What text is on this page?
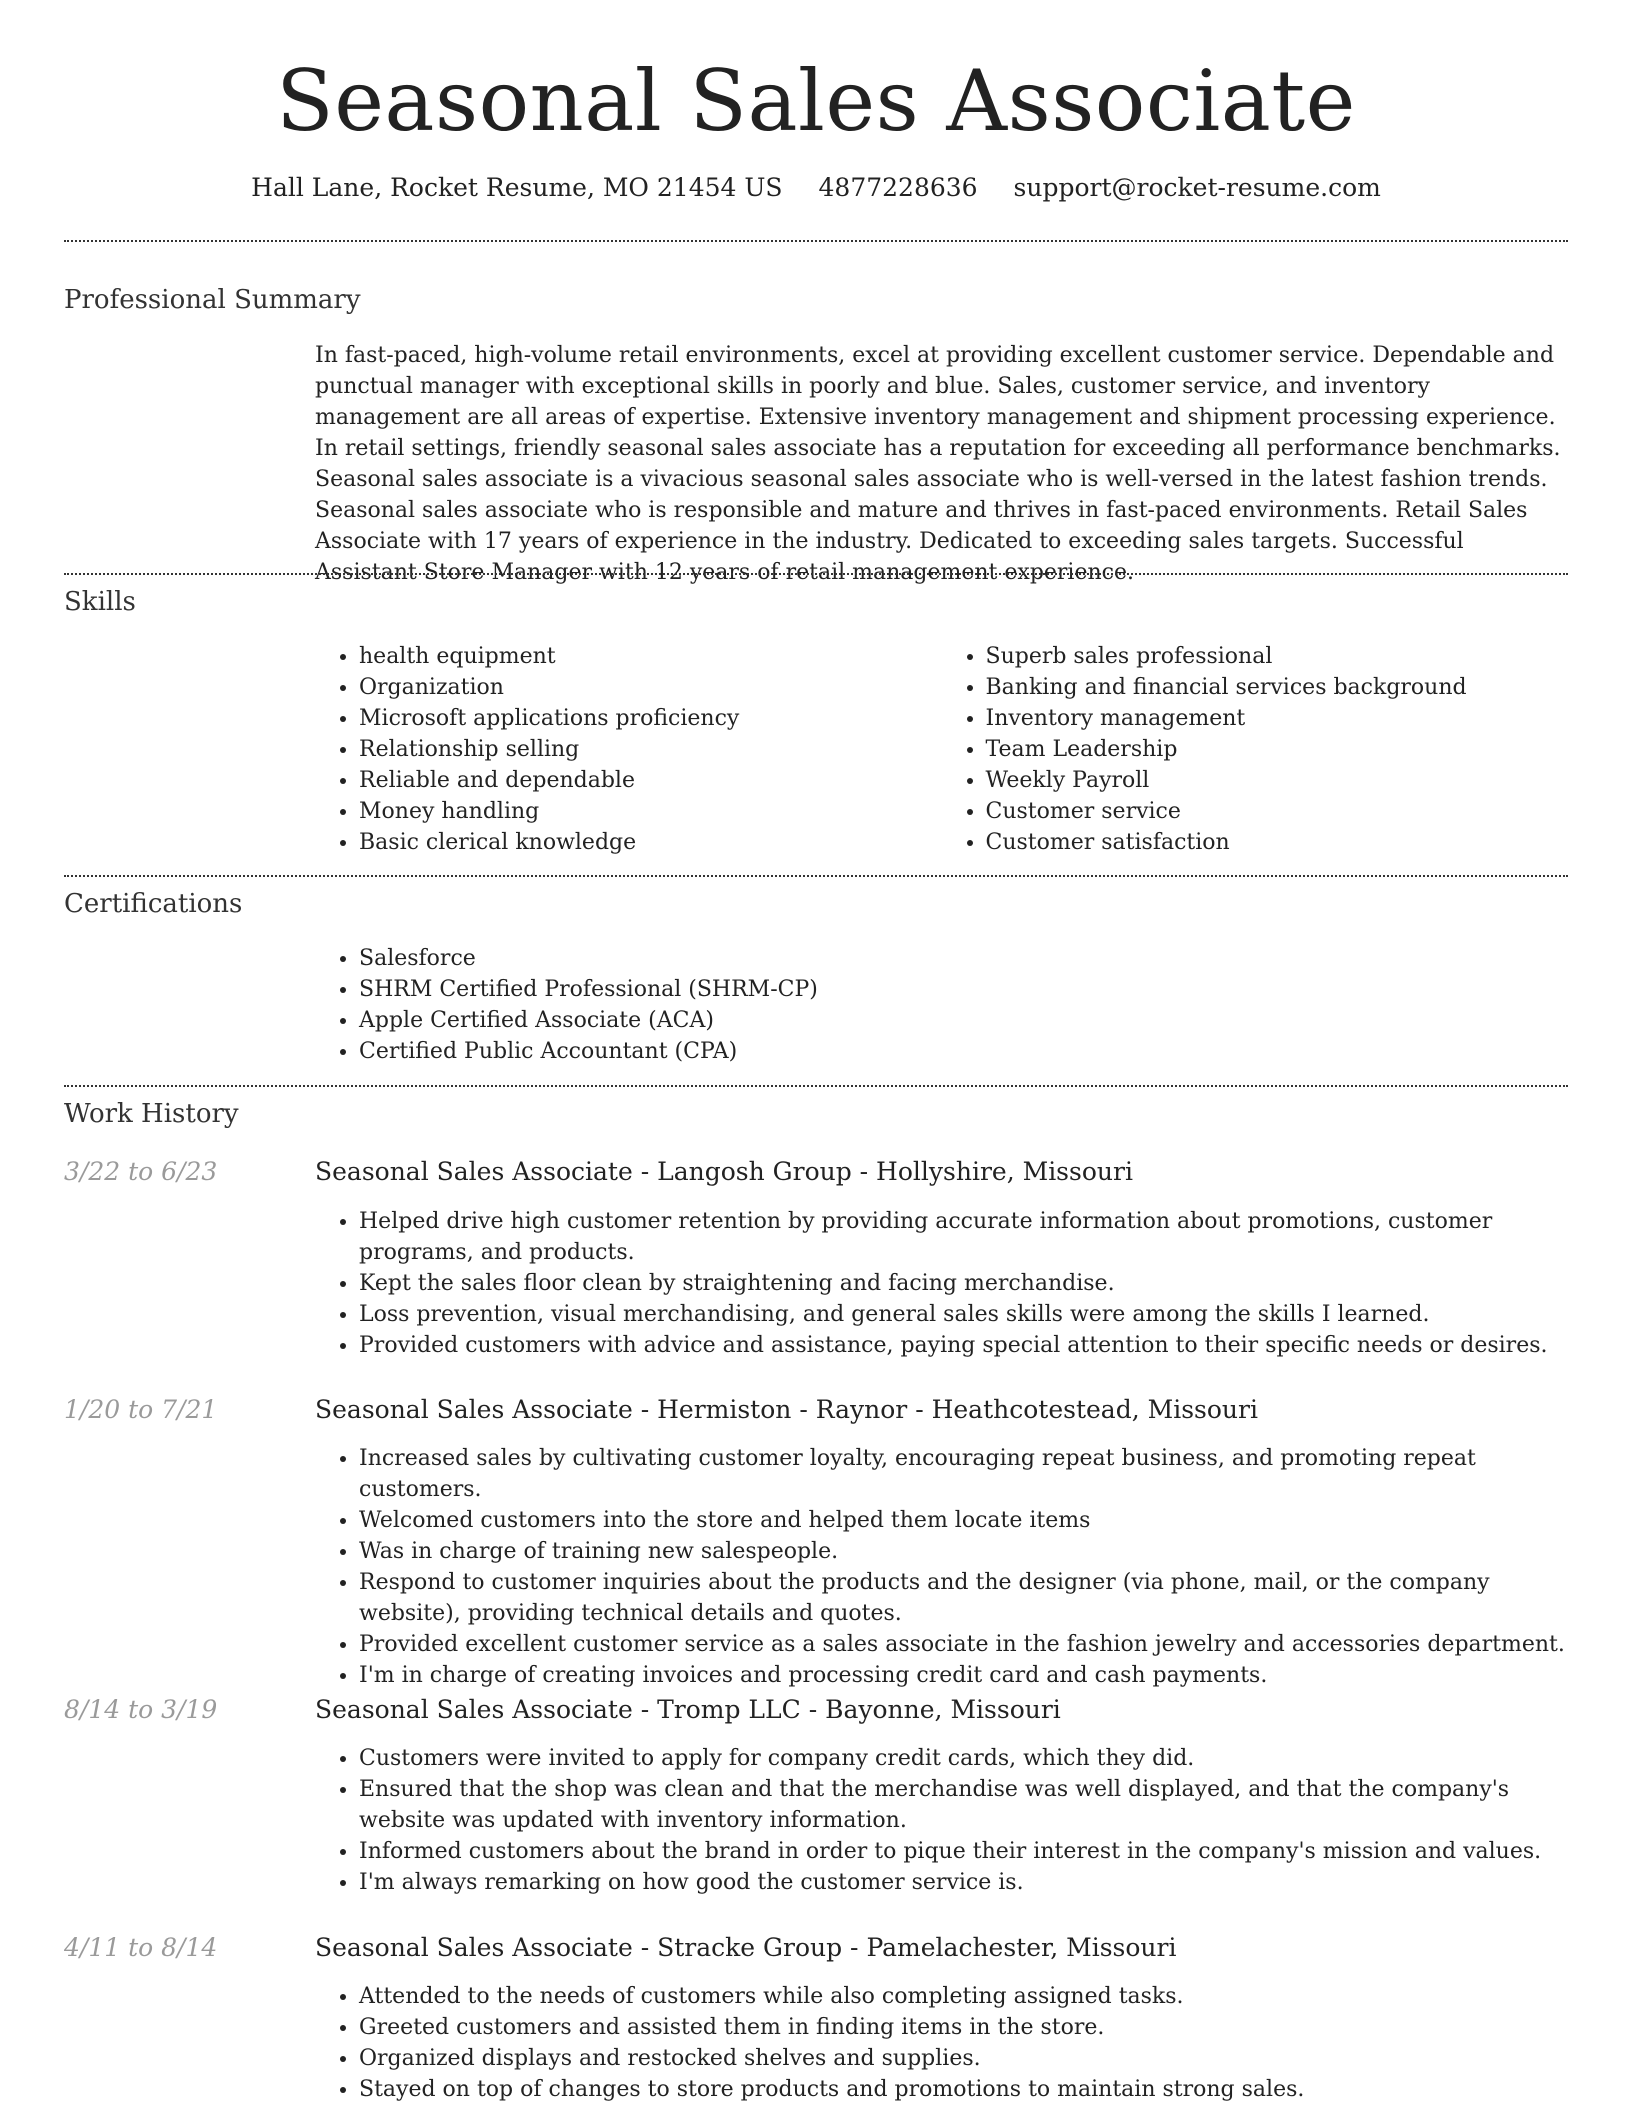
Seasonal Sales Associate
Hall Lane, Rocket Resume, MO 21454 US 4877228636 support@rocket-resume.com
Professional Summary

In fast-paced, high-volume retail environments, excel at providing excellent customer service. Dependable and punctual manager with exceptional skills in poorly and blue. Sales, customer service, and inventory management are all areas of expertise. Extensive inventory management and shipment processing experience. In retail settings, friendly seasonal sales associate has a reputation for exceeding all performance benchmarks. Seasonal sales associate is a vivacious seasonal sales associate who is well-versed in the latest fashion trends. Seasonal sales associate who is responsible and mature and thrives in fast-paced environments. Retail Sales Associate with 17 years of experience in the industry. Dedicated to exceeding sales targets. Successful Assistant Store Manager with 12 years of retail management experience.

Skills
• health equipment
• Organization
• Microsoft applications proficiency
• Relationship selling
• Reliable and dependable
• Money handling
• Basic clerical knowledge
• Superb sales professional
• Banking and financial services background
• Inventory management
• Team Leadership
• Weekly Payroll
• Customer service
• Customer satisfaction
Certifications
• Salesforce
• SHRM Certified Professional (SHRM-CP)
• Apple Certified Associate (ACA)
• Certified Public Accountant (CPA)
Work History
3/22 to 6/23	Seasonal Sales Associate - Langosh Group - Hollyshire, Missouri
• Helped drive high customer retention by providing accurate information about promotions, customer programs, and products.
• Kept the sales floor clean by straightening and facing merchandise.
• Loss prevention, visual merchandising, and general sales skills were among the skills I learned.
• Provided customers with advice and assistance, paying special attention to their specific needs or desires.
1/20 to 7/21	Seasonal Sales Associate - Hermiston - Raynor - Heathcotestead, Missouri
• Increased sales by cultivating customer loyalty, encouraging repeat business, and promoting repeat customers.
• Welcomed customers into the store and helped them locate items
• Was in charge of training new salespeople.
• Respond to customer inquiries about the products and the designer (via phone, mail, or the company website), providing technical details and quotes.
• Provided excellent customer service as a sales associate in the fashion jewelry and accessories department.
• I'm in charge of creating invoices and processing credit card and cash payments.
8/14 to 3/19	Seasonal Sales Associate - Tromp LLC - Bayonne, Missouri
• Customers were invited to apply for company credit cards, which they did.
• Ensured that the shop was clean and that the merchandise was well displayed, and that the company's website was updated with inventory information.
• Informed customers about the brand in order to pique their interest in the company's mission and values.
• I'm always remarking on how good the customer service is.
4/11 to 8/14	Seasonal Sales Associate - Stracke Group - Pamelachester, Missouri
• Attended to the needs of customers while also completing assigned tasks.
• Greeted customers and assisted them in finding items in the store.
• Organized displays and restocked shelves and supplies.
• Stayed on top of changes to store products and promotions to maintain strong sales.
